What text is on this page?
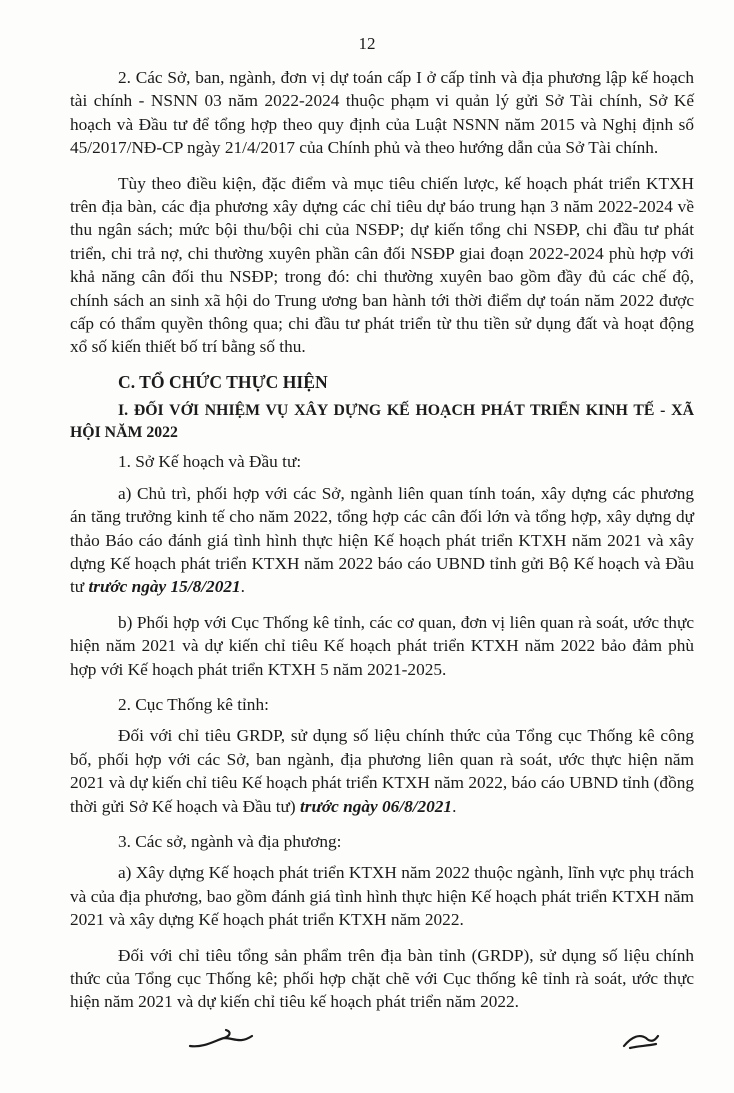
12

2. Các Sở, ban, ngành, đơn vị dự toán cấp I ở cấp tỉnh và địa phương lập kế hoạch tài chính - NSNN 03 năm 2022-2024 thuộc phạm vi quản lý gửi Sở Tài chính, Sở Kế hoạch và Đầu tư để tổng hợp theo quy định của Luật NSNN năm 2015 và Nghị định số 45/2017/NĐ-CP ngày 21/4/2017 của Chính phủ và theo hướng dẫn của Sở Tài chính.

Tùy theo điều kiện, đặc điểm và mục tiêu chiến lược, kế hoạch phát triển KTXH trên địa bàn, các địa phương xây dựng các chỉ tiêu dự báo trung hạn 3 năm 2022-2024 về thu ngân sách; mức bội thu/bội chi của NSĐP; dự kiến tổng chi NSĐP, chi đầu tư phát triển, chi trả nợ, chi thường xuyên phần cân đối NSĐP giai đoạn 2022-2024 phù hợp với khả năng cân đối thu NSĐP; trong đó: chi thường xuyên bao gồm đầy đủ các chế độ, chính sách an sinh xã hội do Trung ương ban hành tới thời điểm dự toán năm 2022 được cấp có thẩm quyền thông qua; chi đầu tư phát triển từ thu tiền sử dụng đất và hoạt động xổ số kiến thiết bố trí bằng số thu.

C. TỔ CHỨC THỰC HIỆN
I. ĐỐI VỚI NHIỆM VỤ XÂY DỰNG KẾ HOẠCH PHÁT TRIỂN KINH TẾ - XÃ HỘI NĂM 2022

1. Sở Kế hoạch và Đầu tư:

a) Chủ trì, phối hợp với các Sở, ngành liên quan tính toán, xây dựng các phương án tăng trưởng kinh tế cho năm 2022, tổng hợp các cân đối lớn và tổng hợp, xây dựng dự thảo Báo cáo đánh giá tình hình thực hiện Kế hoạch phát triển KTXH năm 2021 và xây dựng Kế hoạch phát triển KTXH năm 2022 báo cáo UBND tỉnh gửi Bộ Kế hoạch và Đầu tư trước ngày 15/8/2021.

b) Phối hợp với Cục Thống kê tỉnh, các cơ quan, đơn vị liên quan rà soát, ước thực hiện năm 2021 và dự kiến chỉ tiêu Kế hoạch phát triển KTXH năm 2022 bảo đảm phù hợp với Kế hoạch phát triển KTXH 5 năm 2021-2025.

2. Cục Thống kê tỉnh:

Đối với chỉ tiêu GRDP, sử dụng số liệu chính thức của Tổng cục Thống kê công bố, phối hợp với các Sở, ban ngành, địa phương liên quan rà soát, ước thực hiện năm 2021 và dự kiến chỉ tiêu Kế hoạch phát triển KTXH năm 2022, báo cáo UBND tỉnh (đồng thời gửi Sở Kế hoạch và Đầu tư) trước ngày 06/8/2021.

3. Các sở, ngành và địa phương:

a) Xây dựng Kế hoạch phát triển KTXH năm 2022 thuộc ngành, lĩnh vực phụ trách và của địa phương, bao gồm đánh giá tình hình thực hiện Kế hoạch phát triển KTXH năm 2021 và xây dựng Kế hoạch phát triển KTXH năm 2022.

Đối với chỉ tiêu tổng sản phẩm trên địa bàn tỉnh (GRDP), sử dụng số liệu chính thức của Tổng cục Thống kê; phối hợp chặt chẽ với Cục thống kê tỉnh rà soát, ước thực hiện năm 2021 và dự kiến chỉ tiêu kế hoạch phát triển năm 2022.
